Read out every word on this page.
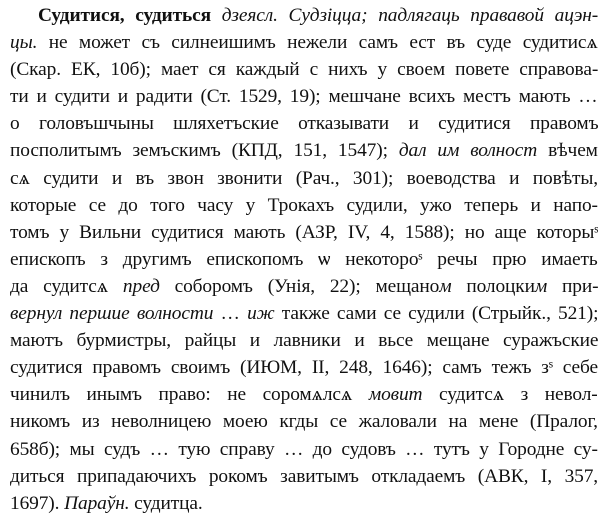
Судитися, судиться дзеясл. Судзіцца; падлягаць прававой ацэн-
цы. не может съ силнеишимъ нежели самъ ест въ суде судитисѧ
(Скар. ЕК, 10б); мает ся каждый с нихъ у своем повете справова-
ти и судити и радити (Ст. 1529, 19); мешчане всихъ местъ мають …
о головъшчыны шляхетъские отказывати и судитися правомъ
посполитымъ земъскимъ (КПД, 151, 1547); дал им волност вѣчем
сѧ судити и въ звон звонити (Рач., 301); воеводства и повѣты,
которые се до того часу у Трокахъ судили, ужо теперь и напо-
томъ у Вильни судитися мають (АЗР, IV, 4, 1588); но аще которыˢ
епископъ з другимъ епископомъ ѡ некоторoˢ речы прю имаеть
да судитсѧ пред соборомъ (Унія, 22); мещаном полоцким при-
вернул першие волности … иж также сами се судили (Стрыйк., 521);
маютъ бурмистры, райцы и лавники и вьсе мещане суражъские
судитися правомъ своимъ (ИЮМ, II, 248, 1646); самъ тежъ зˢ себе
чинилъ инымъ право: не соромѧлсѧ мовит судитсѧ з невол-
никомъ из неволницею моею кгды се жаловали на мене (Пралог,
658б); мы судъ … тую справу … до судовъ … тутъ у Городне су-
диться припадаючихъ рокомъ завитымъ откладаемъ (АВК, I, 357,
1697). Параўн. судитца.
